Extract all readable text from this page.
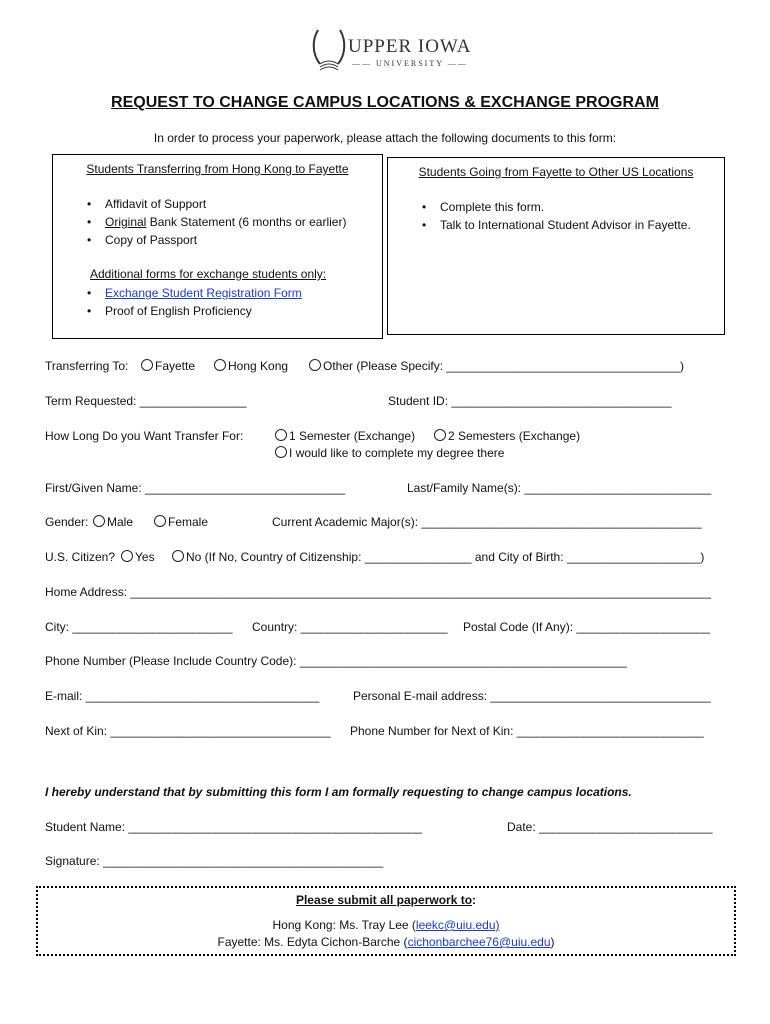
UPPER IOWA
—— UNIVERSITY ——
REQUEST TO CHANGE CAMPUS LOCATIONS & EXCHANGE PROGRAM
In order to process your paperwork, please attach the following documents to this form:
Students Transferring from Hong Kong to Fayette
• Affidavit of Support
• Original Bank Statement (6 months or earlier)
• Copy of Passport
Additional forms for exchange students only:
• Exchange Student Registration Form
• Proof of English Proficiency
Students Going from Fayette to Other US Locations
• Complete this form.
• Talk to International Student Advisor in Fayette.
Transferring To:	Fayette	Hong Kong	Other (Please Specify: ___________________________________)
Term Requested: ________________	Student ID: _________________________________
How Long Do you Want Transfer For:	1 Semester (Exchange)	2 Semesters (Exchange)
I would like to complete my degree there
First/Given Name: ______________________________	Last/Family Name(s): ____________________________
Gender:	Male	Female	Current Academic Major(s): __________________________________________
U.S. Citizen?	Yes	No (If No, Country of Citizenship: ________________ and City of Birth: ____________________)
Home Address: _______________________________________________________________________________________
City: ________________________ Country: ______________________ Postal Code (If Any): ____________________
Phone Number (Please Include Country Code): _________________________________________________
E-mail: ___________________________________	Personal E-mail address: _________________________________
Next of Kin: _________________________________ Phone Number for Next of Kin: ____________________________
I hereby understand that by submitting this form I am formally requesting to change campus locations.
Student Name: ____________________________________________	Date: __________________________
Signature: __________________________________________
Please submit all paperwork to:
Hong Kong: Ms. Tray Lee (leekc@uiu.edu)
Fayette: Ms. Edyta Cichon-Barche (cichonbarchee76@uiu.edu)
